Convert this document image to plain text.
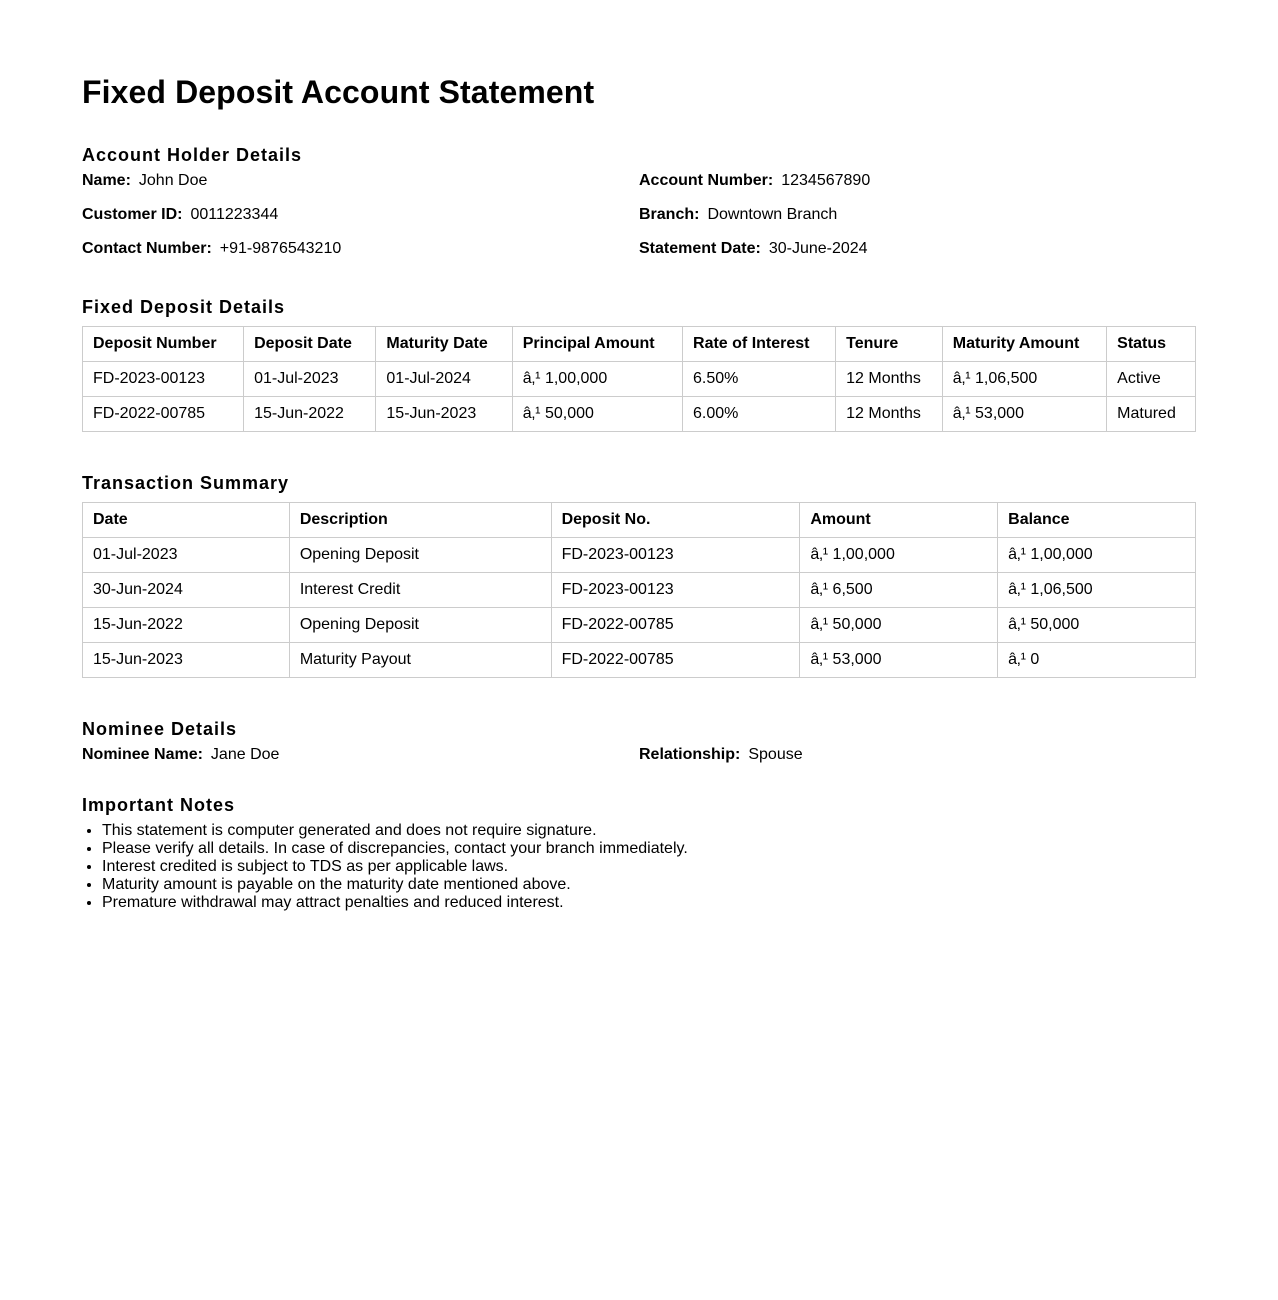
Fixed Deposit Account Statement
Account Holder Details
Name: John Doe
Customer ID: 0011223344
Contact Number: +91-9876543210
Account Number: 1234567890
Branch: Downtown Branch
Statement Date: 30-June-2024
Fixed Deposit Details
Deposit Number	Deposit Date	Maturity Date	Principal Amount	Rate of Interest	Tenure	Maturity Amount	Status
FD-2023-00123	01-Jul-2023	01-Jul-2024	â‚¹ 1,00,000	6.50%	12 Months	â‚¹ 1,06,500	Active
FD-2022-00785	15-Jun-2022	15-Jun-2023	â‚¹ 50,000	6.00%	12 Months	â‚¹ 53,000	Matured
Transaction Summary
Date	Description	Deposit No.	Amount	Balance
01-Jul-2023	Opening Deposit	FD-2023-00123	â‚¹ 1,00,000	â‚¹ 1,00,000
30-Jun-2024	Interest Credit	FD-2023-00123	â‚¹ 6,500	â‚¹ 1,06,500
15-Jun-2022	Opening Deposit	FD-2022-00785	â‚¹ 50,000	â‚¹ 50,000
15-Jun-2023	Maturity Payout	FD-2022-00785	â‚¹ 53,000	â‚¹ 0
Nominee Details
Nominee Name: Jane Doe	Relationship: Spouse
Important Notes
• This statement is computer generated and does not require signature.
• Please verify all details. In case of discrepancies, contact your branch immediately.
• Interest credited is subject to TDS as per applicable laws.
• Maturity amount is payable on the maturity date mentioned above.
• Premature withdrawal may attract penalties and reduced interest.
